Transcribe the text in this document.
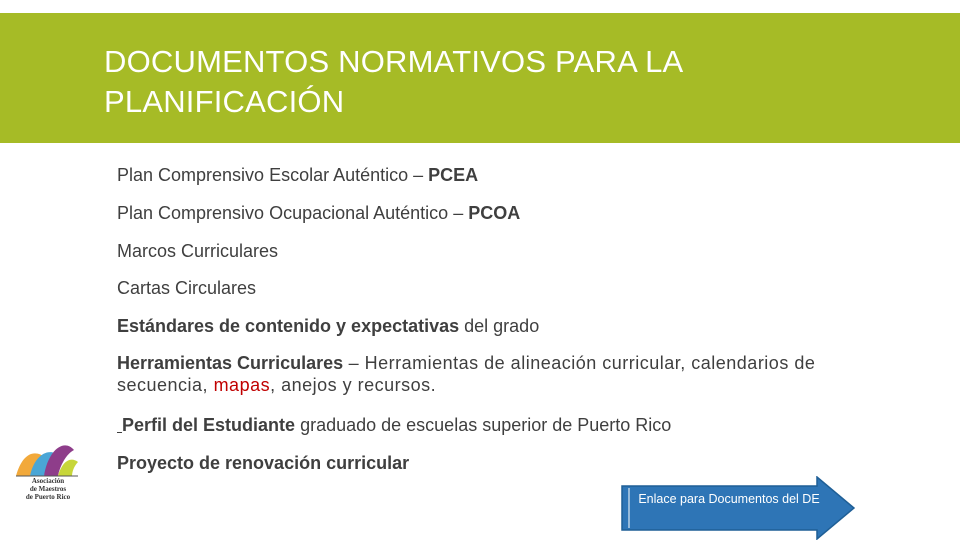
DOCUMENTOS NORMATIVOS PARA LA PLANIFICACIÓN
Plan Comprensivo Escolar Auténtico – PCEA
Plan Comprensivo Ocupacional Auténtico – PCOA
Marcos Curriculares
Cartas Circulares
Estándares de contenido y expectativas del grado
Herramientas Curriculares – Herramientas de alineación curricular, calendarios de secuencia, mapas, anejos y recursos.
Perfil del Estudiante graduado de escuelas superior de Puerto Rico
Proyecto de renovación curricular
Asociación
de Maestros
de Puerto Rico	Enlace para Documentos del DE
